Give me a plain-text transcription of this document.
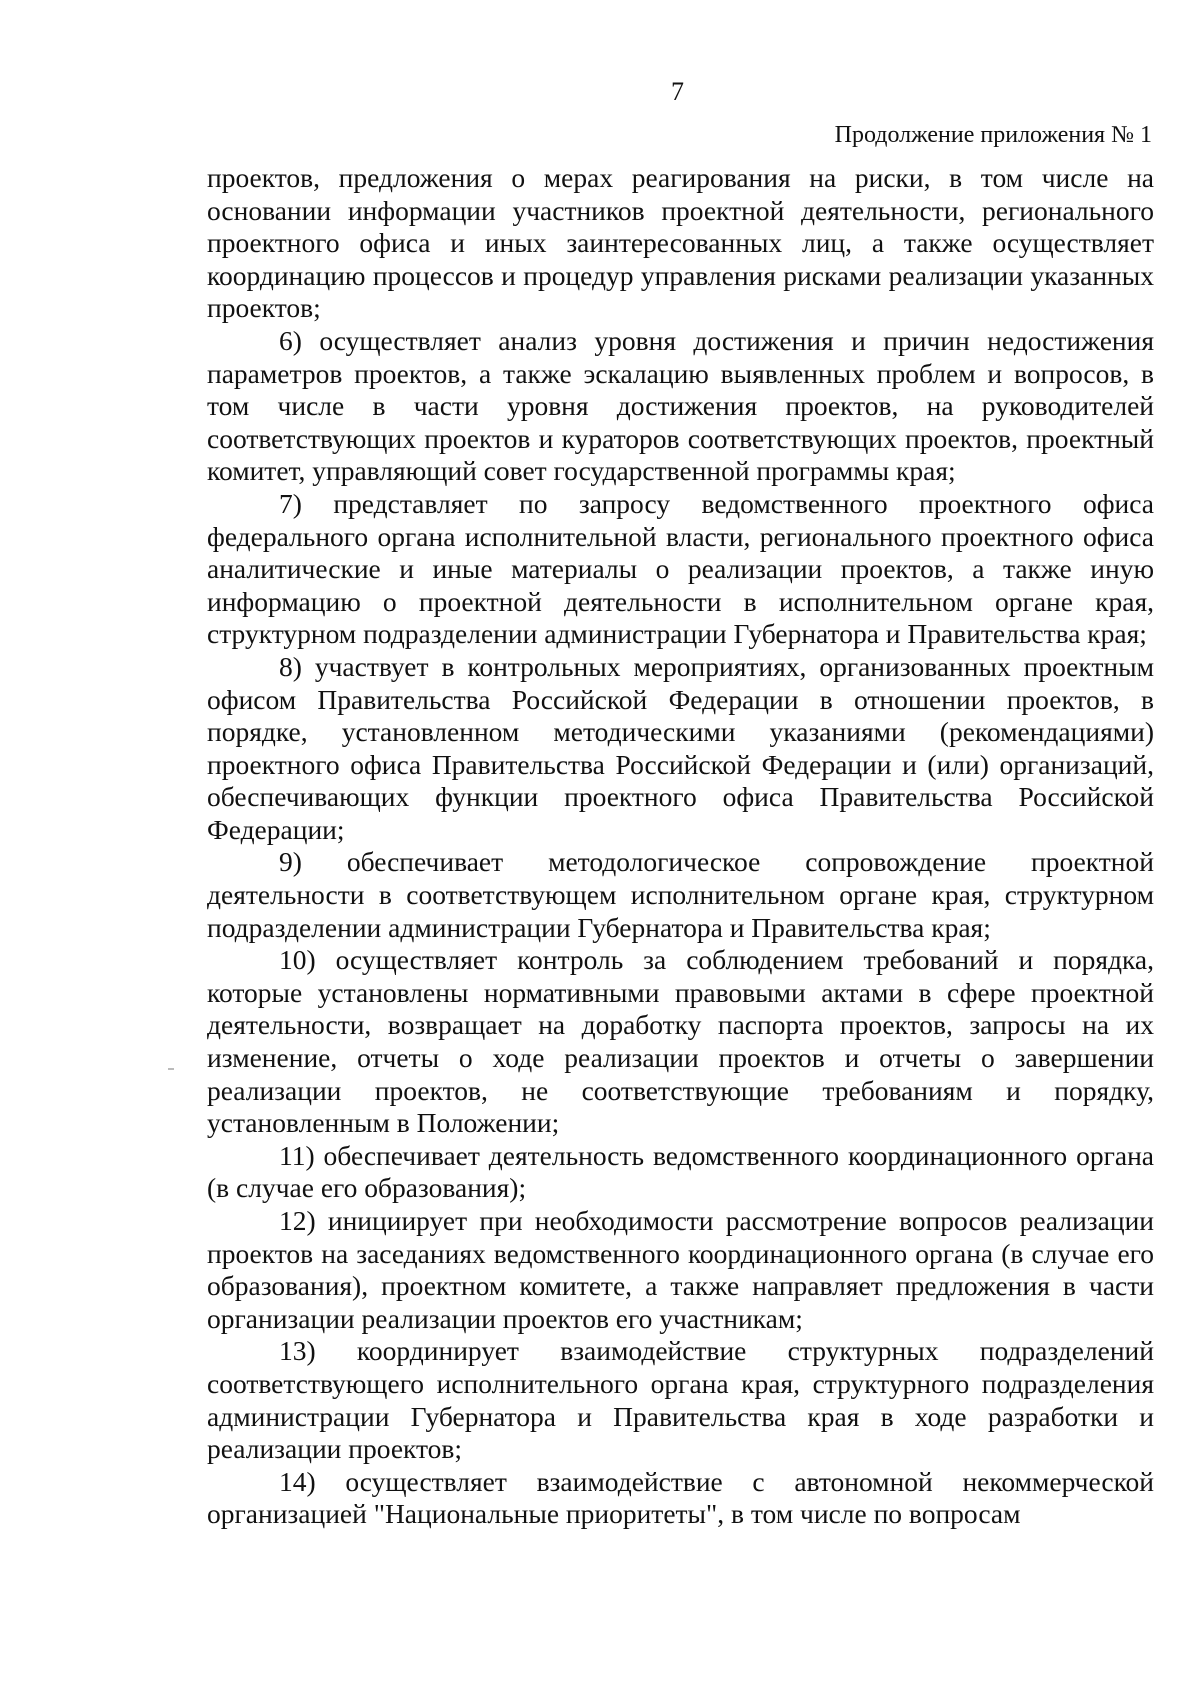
7
Продолжение приложения № 1

проектов, предложения о мерах реагирования на риски, в том числе на основании информации участников проектной деятельности, регионального проектного офиса и иных заинтересованных лиц, а также осуществляет координацию процессов и процедур управления рисками реализации указанных проектов;

6) осуществляет анализ уровня достижения и причин недостижения параметров проектов, а также эскалацию выявленных проблем и вопросов, в том числе в части уровня достижения проектов, на руководителей соответствующих проектов и кураторов соответствующих проектов, проектный комитет, управляющий совет государственной программы края;

7) представляет по запросу ведомственного проектного офиса федерального органа исполнительной власти, регионального проектного офиса аналитические и иные материалы о реализации проектов, а также иную информацию о проектной деятельности в исполнительном органе края, структурном подразделении администрации Губернатора и Правительства края;

8) участвует в контрольных мероприятиях, организованных проектным офисом Правительства Российской Федерации в отношении проектов, в порядке, установленном методическими указаниями (рекомендациями) проектного офиса Правительства Российской Федерации и (или) организаций, обеспечивающих функции проектного офиса Правительства Российской Федерации;

9) обеспечивает методологическое сопровождение проектной деятельности в соответствующем исполнительном органе края, структурном подразделении администрации Губернатора и Правительства края;

10) осуществляет контроль за соблюдением требований и порядка, которые установлены нормативными правовыми актами в сфере проектной деятельности, возвращает на доработку паспорта проектов, запросы на их изменение, отчеты о ходе реализации проектов и отчеты о завершении реализации проектов, не соответствующие требованиям и порядку, установленным в Положении;

11) обеспечивает деятельность ведомственного координационного органа (в случае его образования);

12) инициирует при необходимости рассмотрение вопросов реализации проектов на заседаниях ведомственного координационного органа (в случае его образования), проектном комитете, а также направляет предложения в части организации реализации проектов его участникам;

13) координирует взаимодействие структурных подразделений соответствующего исполнительного органа края, структурного подразделения администрации Губернатора и Правительства края в ходе разработки и реализации проектов;

14) осуществляет взаимодействие с автономной некоммерческой организацией "Национальные приоритеты", в том числе по вопросам
